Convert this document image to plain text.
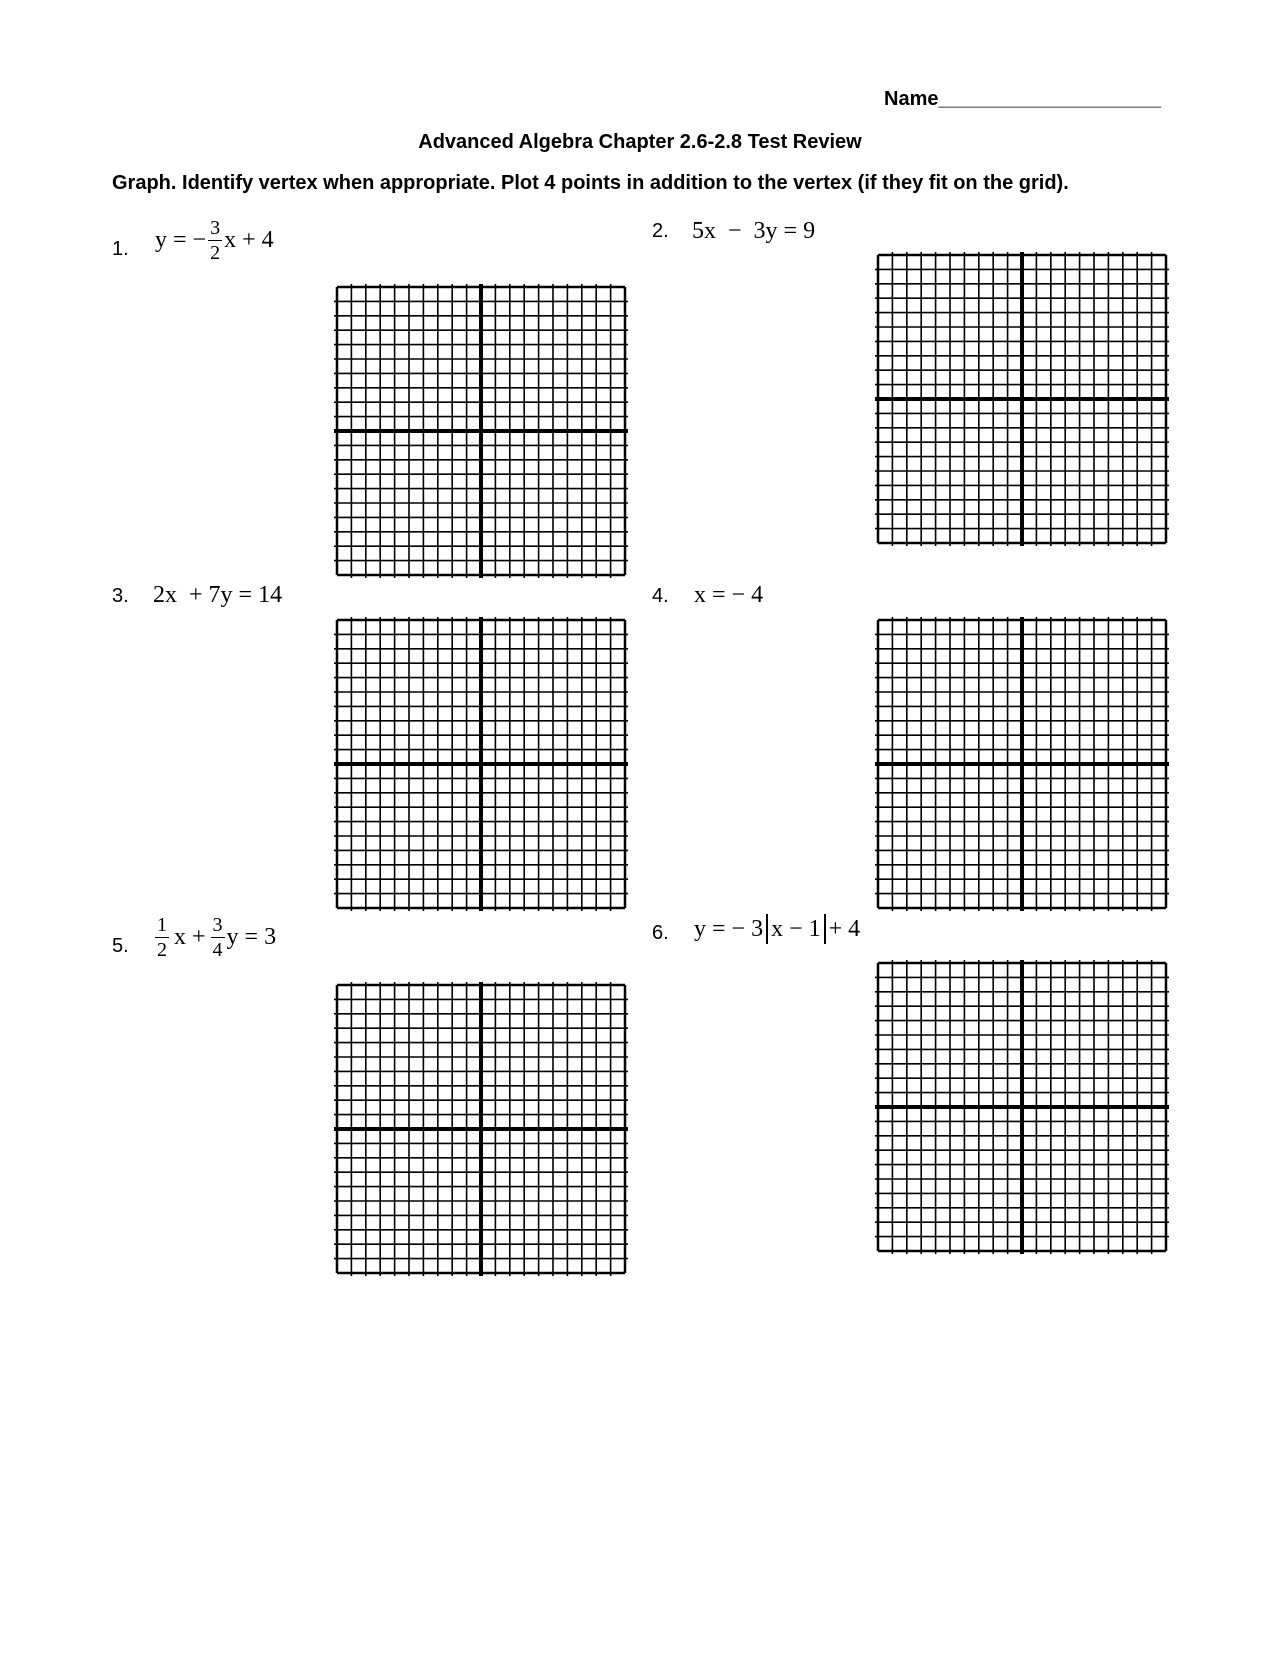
Name____________________
Advanced Algebra Chapter 2.6-2.8 Test Review
Graph. Identify vertex when appropriate. Plot 4 points in addition to the vertex (if they fit on the grid).
1. y = − $\frac{3}{2}$ x + 4	2. 5x  −  3y = 9
3. 2x  + 7y = 14	4. x = − 4
5. $\frac{1}{2}$ $x + \frac{3}{4}$ y = 3	6. y = − 3 x − 1 + 4
